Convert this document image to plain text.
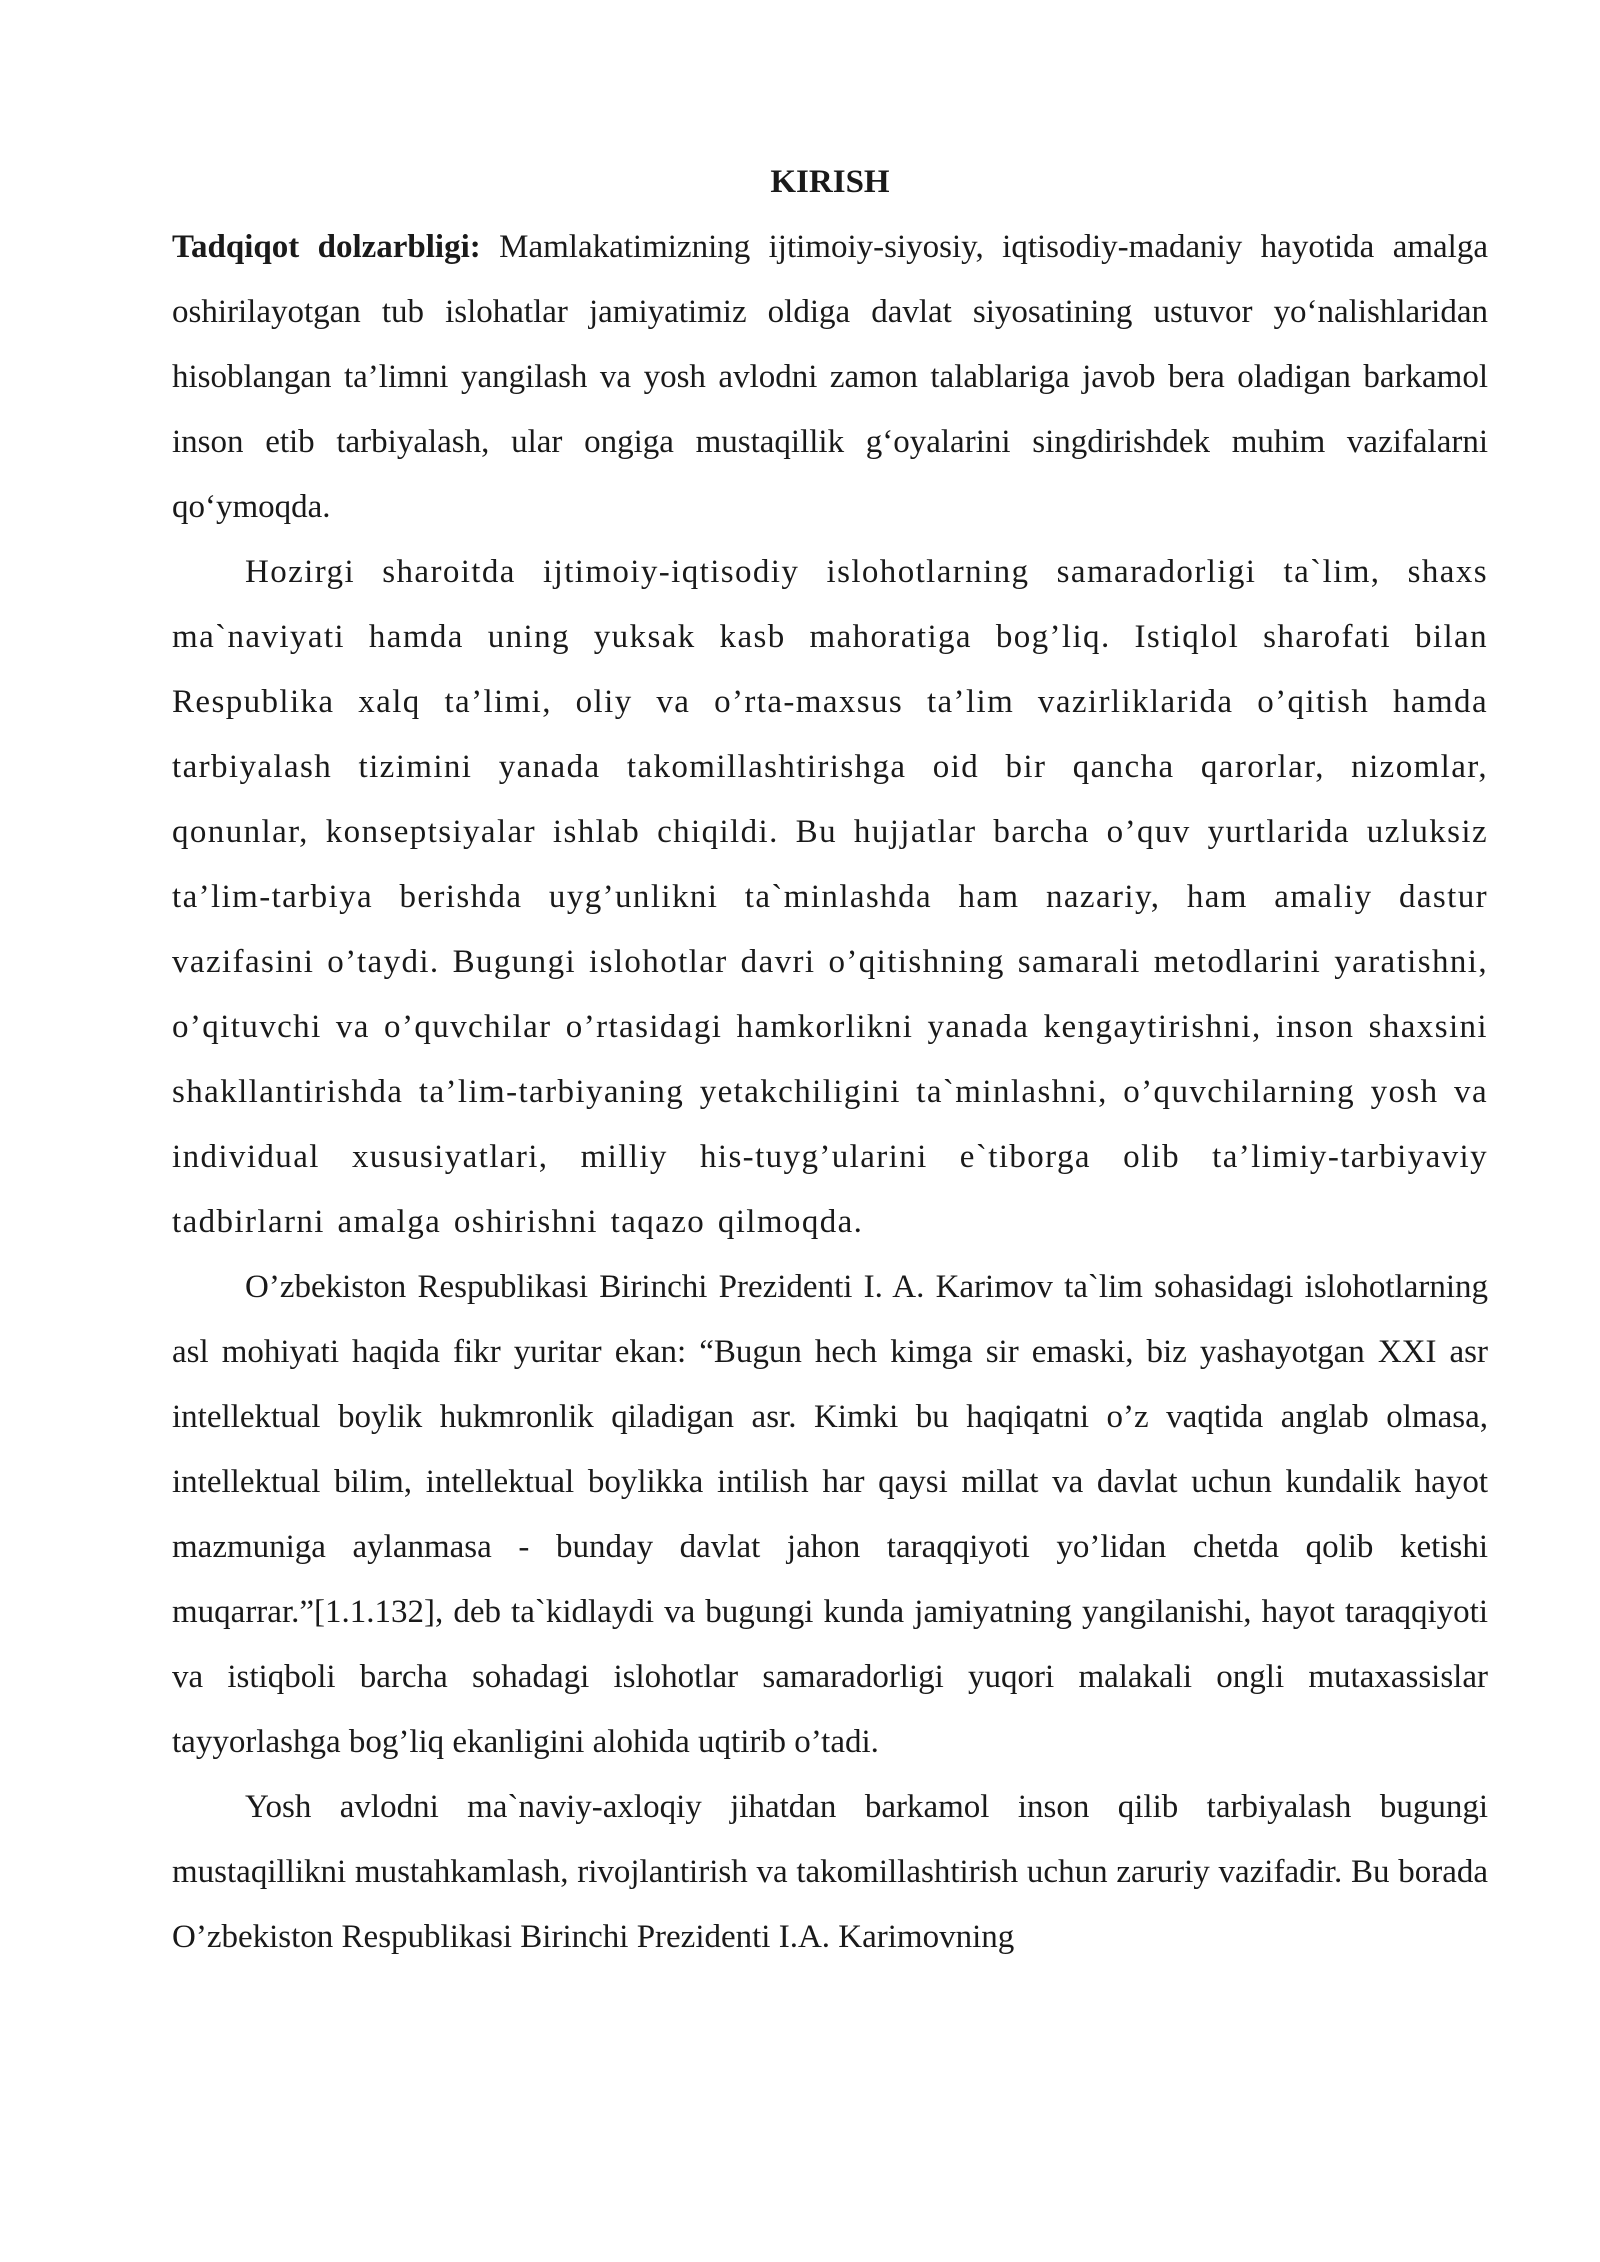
KIRISH

Tadqiqot dolzarbligi: Mamlakatimizning ijtimoiy-siyosiy, iqtisodiy-madaniy hayotida amalga oshirilayotgan tub islohatlar jamiyatimiz oldiga davlat siyosatining ustuvor yo‘nalishlaridan hisoblangan ta’limni yangilash va yosh avlodni zamon talablariga javob bera oladigan barkamol inson etib tarbiyalash, ular ongiga mustaqillik g‘oyalarini singdirishdek muhim vazifalarni qo‘ymoqda.

Hozirgi sharoitda ijtimoiy-iqtisodiy islohotlarning samaradorligi ta`lim, shaxs ma`naviyati hamda uning yuksak kasb mahoratiga bog’liq. Istiqlol sharofati bilan Respublika xalq ta’limi, oliy va o’rta-maxsus ta’lim vazirliklarida o’qitish hamda tarbiyalash tizimini yanada takomillashtirishga oid bir qancha qarorlar, nizomlar, qonunlar, konseptsiyalar ishlab chiqildi. Bu hujjatlar barcha o’quv yurtlarida uzluksiz ta’lim-tarbiya berishda uyg’unlikni ta`minlashda ham nazariy, ham amaliy dastur vazifasini o’taydi. Bugungi islohotlar davri o’qitishning samarali metodlarini yaratishni, o’qituvchi va o’quvchilar o’rtasidagi hamkorlikni yanada kengaytirishni, inson shaxsini shakllantirishda ta’lim-tarbiyaning yetakchiligini ta`minlashni, o’quvchilarning yosh va individual xususiyatlari, milliy his-tuyg’ularini e`tiborga olib ta’limiy-tarbiyaviy tadbirlarni amalga oshirishni taqazo qilmoqda.

O’zbekiston Respublikasi Birinchi Prezidenti I. A. Karimov ta`lim sohasidagi islohotlarning asl mohiyati haqida fikr yuritar ekan: “Bugun hech kimga sir emaski, biz yashayotgan XXI asr intellektual boylik hukmronlik qiladigan asr. Kimki bu haqiqatni o’z vaqtida anglab olmasa, intellektual bilim, intellektual boylikka intilish har qaysi millat va davlat uchun kundalik hayot mazmuniga aylanmasa - bunday davlat jahon taraqqiyoti yo’lidan chetda qolib ketishi muqarrar.”[1.1.132], deb ta`kidlaydi va bugungi kunda jamiyatning yangilanishi, hayot taraqqiyoti va istiqboli barcha sohadagi islohotlar samaradorligi yuqori malakali ongli mutaxassislar tayyorlashga bog’liq ekanligini alohida uqtirib o’tadi.

Yosh avlodni ma`naviy-axloqiy jihatdan barkamol inson qilib tarbiyalash bugungi mustaqillikni mustahkamlash, rivojlantirish va takomillashtirish uchun zaruriy vazifadir. Bu borada O’zbekiston Respublikasi Birinchi Prezidenti I.A. Karimovning
